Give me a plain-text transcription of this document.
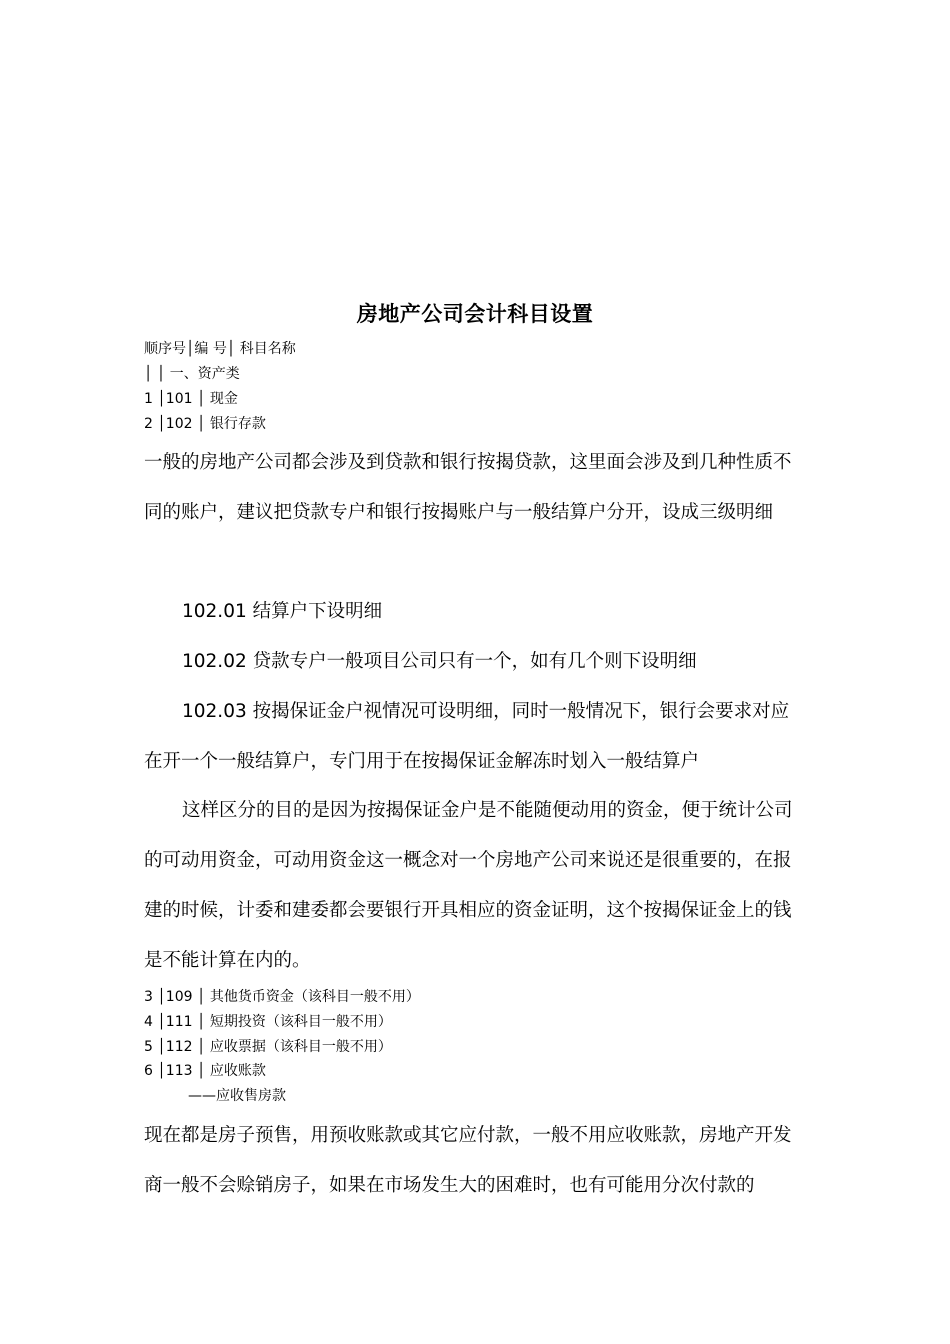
房地产公司会计科目设置
顺序号│编 号│ 科目名称
│ │ 一、资产类
1 │101 │ 现金
2 │102 │ 银行存款

一般的房地产公司都会涉及到贷款和银行按揭贷款，这里面会涉及到几种性质不同的账户，建议把贷款专户和银行按揭账户与一般结算户分开，设成三级明细

102.01 结算户下设明细

102.02 贷款专户一般项目公司只有一个，如有几个则下设明细

102.03 按揭保证金户视情况可设明细，同时一般情况下，银行会要求对应在开一个一般结算户，专门用于在按揭保证金解冻时划入一般结算户

这样区分的目的是因为按揭保证金户是不能随便动用的资金，便于统计公司的可动用资金，可动用资金这一概念对一个房地产公司来说还是很重要的，在报建的时候，计委和建委都会要银行开具相应的资金证明，这个按揭保证金上的钱是不能计算在内的。

3 │109 │ 其他货币资金（该科目一般不用）
4 │111 │ 短期投资（该科目一般不用）
5 │112 │ 应收票据（该科目一般不用）
6 │113 │ 应收账款
——应收售房款

现在都是房子预售，用预收账款或其它应付款，一般不用应收账款，房地产开发商一般不会赊销房子，如果在市场发生大的困难时，也有可能用分次付款的
